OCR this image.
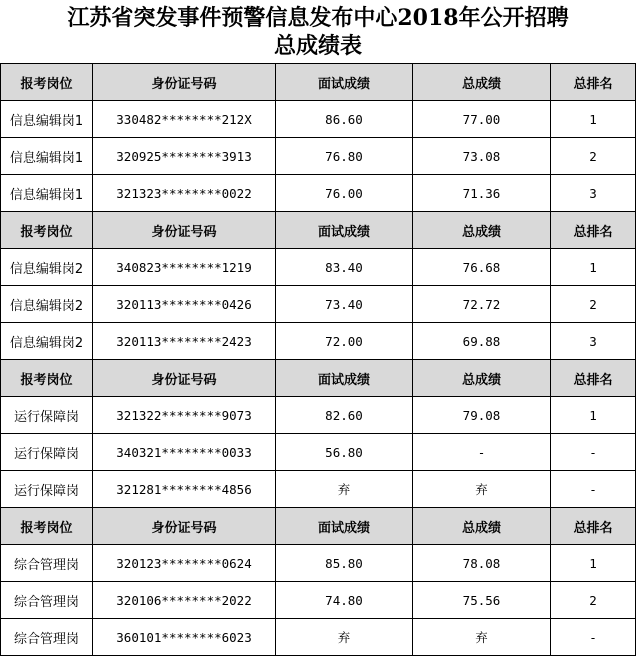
江苏省突发事件预警信息发布中心2018年公开招聘
总成绩表
报考岗位	身份证号码	面试成绩	总成绩	总排名
信息编辑岗1	330482********212X	86.60	77.00	1
信息编辑岗1	320925********3913	76.80	73.08	2
信息编辑岗1	321323********0022	76.00	71.36	3
报考岗位	身份证号码	面试成绩	总成绩	总排名
信息编辑岗2	340823********1219	83.40	76.68	1
信息编辑岗2	320113********0426	73.40	72.72	2
信息编辑岗2	320113********2423	72.00	69.88	3
报考岗位	身份证号码	面试成绩	总成绩	总排名
运行保障岗	321322********9073	82.60	79.08	1
运行保障岗	340321********0033	56.80	-	-
运行保障岗	321281********4856	弃	弃	-
报考岗位	身份证号码	面试成绩	总成绩	总排名
综合管理岗	320123********0624	85.80	78.08	1
综合管理岗	320106********2022	74.80	75.56	2
综合管理岗	360101********6023	弃	弃	-
